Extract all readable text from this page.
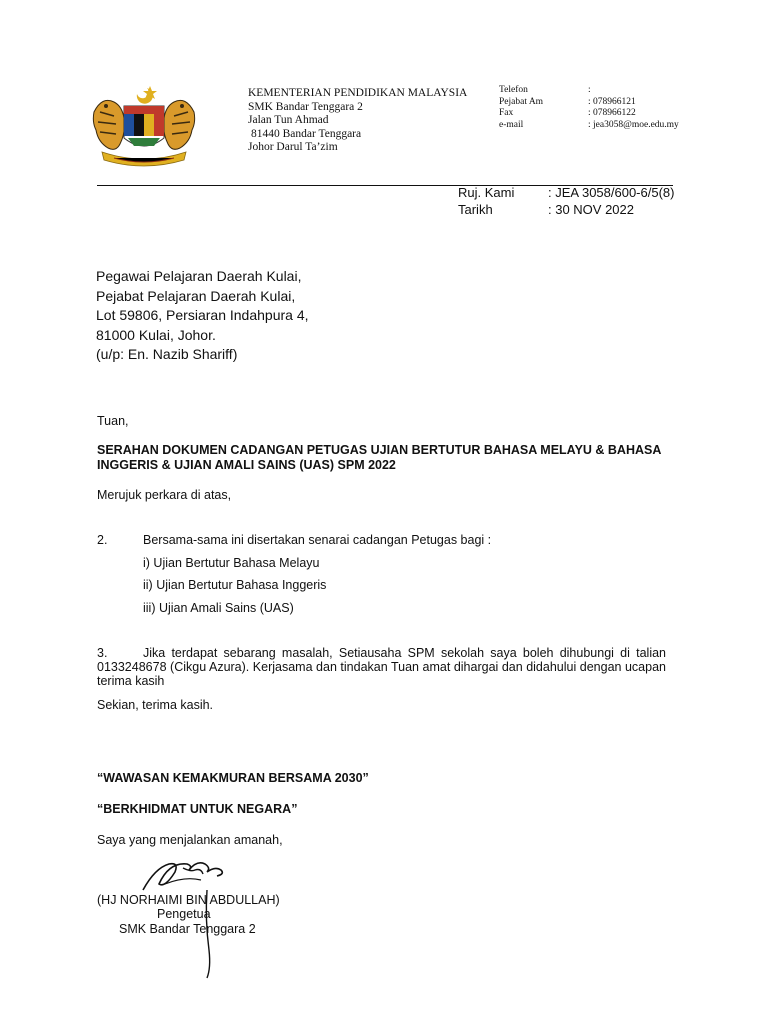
KEMENTERIAN PENDIDIKAN MALAYSIA
SMK Bandar Tenggara 2
Jalan Tun Ahmad
81440 Bandar Tenggara
Johor Darul Ta’zim
Telefon	:
Pejabat Am	: 078966121
Fax	: 078966122
e-mail	: jea3058@moe.edu.my
Ruj. Kami	: JEA 3058/600-6/5(8)
Tarikh	: 30 NOV 2022
Pegawai Pelajaran Daerah Kulai,
Pejabat Pelajaran Daerah Kulai,
Lot 59806, Persiaran Indahpura 4,
81000 Kulai, Johor.
(u/p: En. Nazib Shariff)
Tuan,
SERAHAN DOKUMEN CADANGAN PETUGAS UJIAN BERTUTUR BAHASA MELAYU & BAHASA INGGERIS & UJIAN AMALI SAINS (UAS) SPM 2022
Merujuk perkara di atas,
2.	Bersama-sama ini disertakan senarai cadangan Petugas bagi :
i) Ujian Bertutur Bahasa Melayu
ii) Ujian Bertutur Bahasa Inggeris
iii) Ujian Amali Sains (UAS)
3.	Jika terdapat sebarang masalah, Setiausaha SPM sekolah saya boleh dihubungi di talian 0133248678 (Cikgu Azura). Kerjasama dan tindakan Tuan amat dihargai dan didahului dengan ucapan terima kasih
Sekian, terima kasih.
“WAWASAN KEMAKMURAN BERSAMA 2030”
“BERKHIDMAT UNTUK NEGARA”
Saya yang menjalankan amanah,
(HJ NORHAIMI BIN ABDULLAH)
Pengetua
SMK Bandar Tenggara 2
